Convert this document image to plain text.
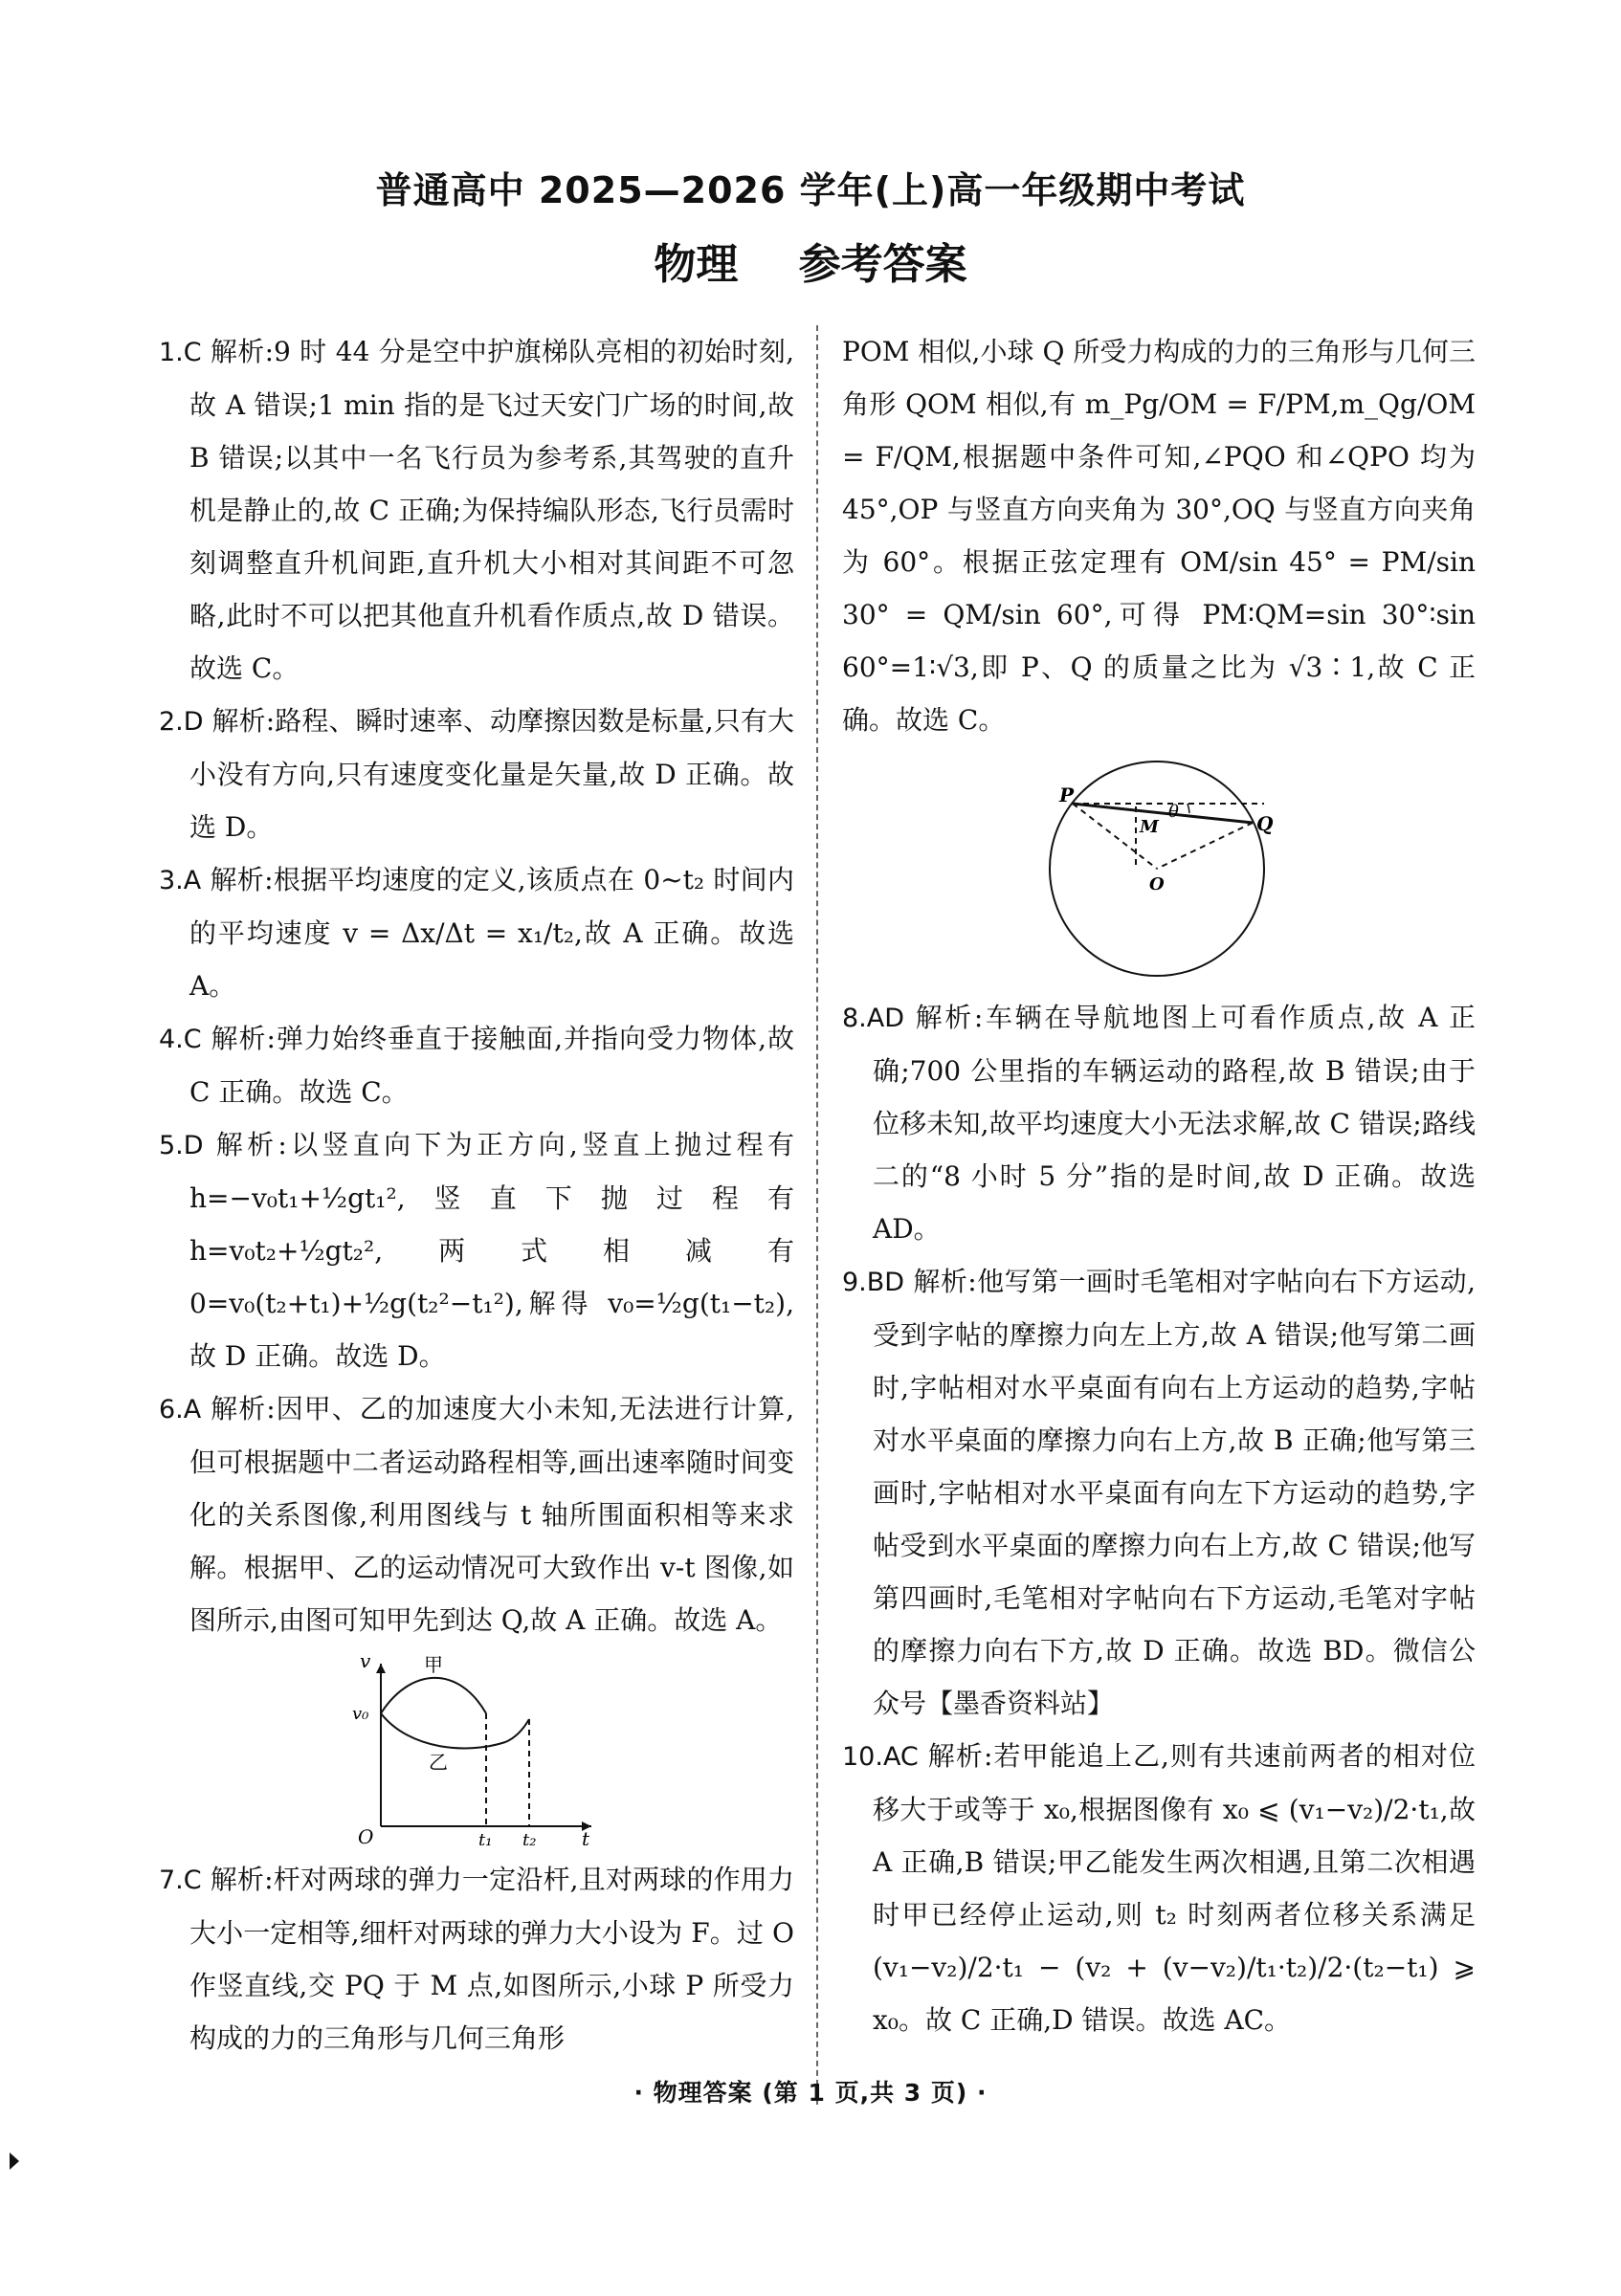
普通高中 2025—2026 学年(上)高一年级期中考试
物理 参考答案
1.C 解析:9 时 44 分是空中护旗梯队亮相的初始时刻,故 A 错误;1 min 指的是飞过天安门广场的时间,故 B 错误;以其中一名飞行员为参考系,其驾驶的直升机是静止的,故 C 正确;为保持编队形态,飞行员需时刻调整直升机间距,直升机大小相对其间距不可忽略,此时不可以把其他直升机看作质点,故 D 错误。故选 C。
2.D 解析:路程、瞬时速率、动摩擦因数是标量,只有大小没有方向,只有速度变化量是矢量,故 D 正确。故选 D。
3.A 解析:根据平均速度的定义,该质点在 0~t₂ 时间内的平均速度 v = Δx/Δt = x₁/t₂,故 A 正确。故选 A。
4.C 解析:弹力始终垂直于接触面,并指向受力物体,故 C 正确。故选 C。
5.D 解析:以竖直向下为正方向,竖直上抛过程有 h=−v₀t₁+½gt₁²,竖直下抛过程有 h=v₀t₂+½gt₂²,两式相减有 0=v₀(t₂+t₁)+½g(t₂²−t₁²),解得 v₀=½g(t₁−t₂),故 D 正确。故选 D。
6.A 解析:因甲、乙的加速度大小未知,无法进行计算,但可根据题中二者运动路程相等,画出速率随时间变化的关系图像,利用图线与 t 轴所围面积相等来求解。根据甲、乙的运动情况可大致作出 v-t 图像,如图所示,由图可知甲先到达 Q,故 A 正确。故选 A。
v
t
O
v₀
甲
乙
t₁ t₂
7.C 解析:杆对两球的弹力一定沿杆,且对两球的作用力大小一定相等,细杆对两球的弹力大小设为 F。过 O 作竖直线,交 PQ 于 M 点,如图所示,小球 P 所受力构成的力的三角形与几何三角形
POM 相似,小球 Q 所受力构成的力的三角形与几何三角形 QOM 相似,有 m_Pg/OM = F/PM,m_Qg/OM = F/QM,根据题中条件可知,∠PQO 和∠QPO 均为 45°,OP 与竖直方向夹角为 30°,OQ 与竖直方向夹角为 60°。根据正弦定理有 OM/sin 45° = PM/sin 30° = QM/sin 60°,可得 PM∶QM=sin 30°∶sin 60°=1∶√3,即 P、Q 的质量之比为 √3∶1,故 C 正确。故选 C。
P
Q
M
O
θ
8.AD 解析:车辆在导航地图上可看作质点,故 A 正确;700 公里指的车辆运动的路程,故 B 错误;由于位移未知,故平均速度大小无法求解,故 C 错误;路线二的“8 小时 5 分”指的是时间,故 D 正确。故选 AD。
9.BD 解析:他写第一画时毛笔相对字帖向右下方运动,受到字帖的摩擦力向左上方,故 A 错误;他写第二画时,字帖相对水平桌面有向右上方运动的趋势,字帖对水平桌面的摩擦力向右上方,故 B 正确;他写第三画时,字帖相对水平桌面有向左下方运动的趋势,字帖受到水平桌面的摩擦力向右上方,故 C 错误;他写第四画时,毛笔相对字帖向右下方运动,毛笔对字帖的摩擦力向右下方,故 D 正确。故选 BD。微信公众号【墨香资料站】
10.AC 解析:若甲能追上乙,则有共速前两者的相对位移大于或等于 x₀,根据图像有 x₀ ⩽ (v₁−v₂)/2·t₁,故 A 正确,B 错误;甲乙能发生两次相遇,且第二次相遇时甲已经停止运动,则 t₂ 时刻两者位移关系满足 (v₁−v₂)/2·t₁ − (v₂ + (v−v₂)/t₁·t₂)/2·(t₂−t₁) ⩾ x₀。故 C 正确,D 错误。故选 AC。
· 物理答案 (第 1 页,共 3 页) ·
